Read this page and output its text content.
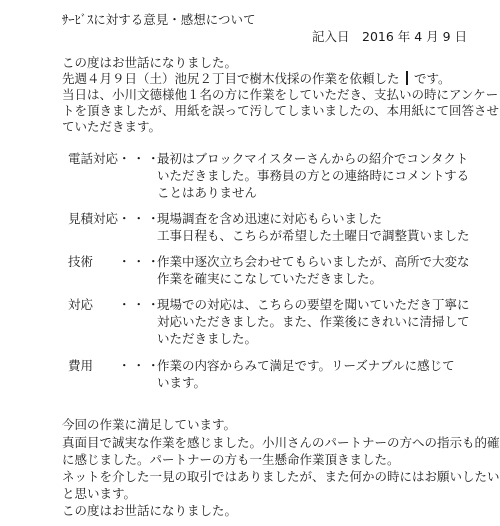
ｻｰﾋﾞｽに対する意見・感想について
記入日　2016 年 4 月 9 日
この度はお世話になりました。
先週４月９日（土）池尻２丁目で樹木伐採の作業を依頼した です。
当日は、小川文德様他１名の方に作業をしていただき、支払いの時にアンケー
トを頂きましたが、用紙を誤って汚してしまいましたの、本用紙にて回答させ
ていただきます。
電話対応 ・・・
最初はブロックマイスターさんからの紹介でコンタクト
いただきました。事務員の方との連絡時にコメントする
ことはありません
見積対応 ・・・
現場調査を含め迅速に対応もらいました
工事日程も、こちらが希望した土曜日で調整貰いました
技術 ・・・
作業中逐次立ち会わせてもらいましたが、高所で大変な
作業を確実にこなしていただきました。
対応 ・・・
現場での対応は、こちらの要望を聞いていただき丁寧に
対応いただきました。また、作業後にきれいに清掃して
いただきました。
費用 ・・・
作業の内容からみて満足です。リーズナブルに感じて
います。
今回の作業に満足しています。
真面目で誠実な作業を感じました。小川さんのパートナーの方への指示も的確
に感じました。パートナーの方も一生懸命作業頂きました。
ネットを介した一見の取引ではありましたが、また何かの時にはお願いしたい
と思います。
この度はお世話になりました。
